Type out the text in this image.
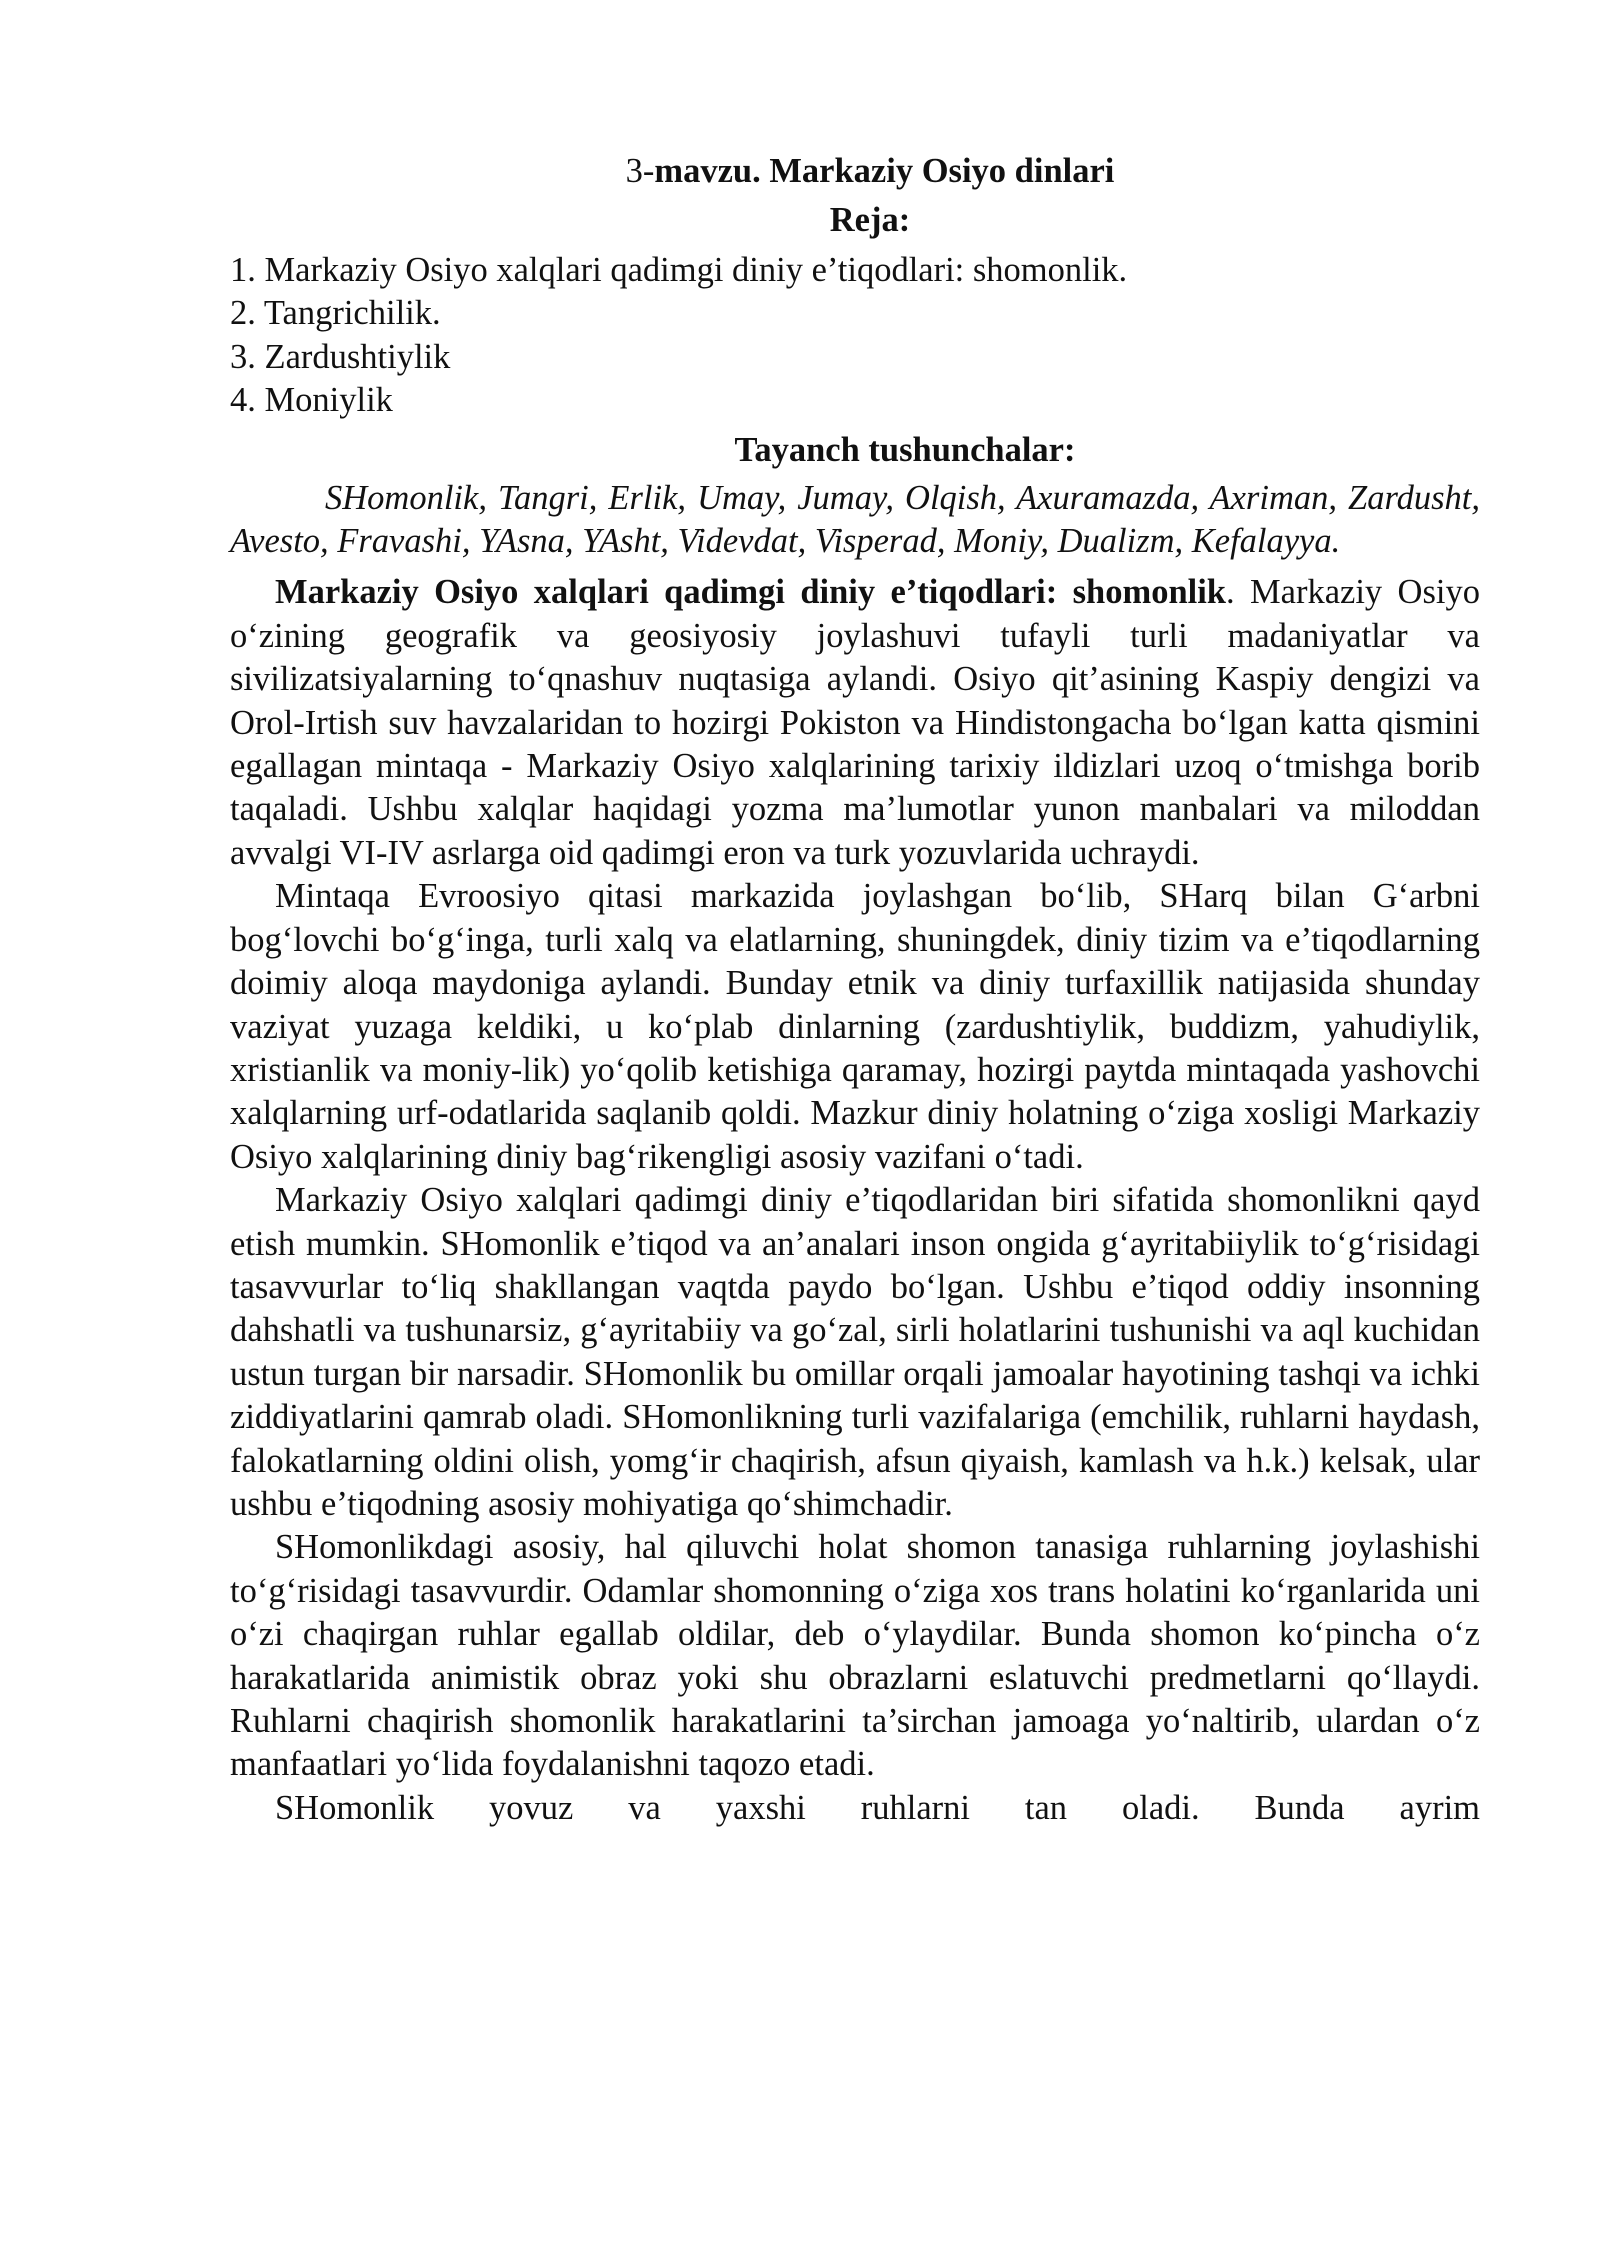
3-mavzu. Markaziy Osiyo dinlari
Reja:
1. Markaziy Osiyo xalqlari qadimgi diniy e’tiqodlari: shomonlik.
2. Tangrichilik.
3. Zardushtiylik
4. Moniylik
Tayanch tushunchalar:

SHomonlik, Tangri, Erlik, Umay, Jumay, Olqish, Axuramazda, Axriman, Zardusht, Avesto, Fravashi, YAsna, YAsht, Videvdat, Visperad, Moniy, Dualizm, Kefalayya.

Markaziy Osiyo xalqlari qadimgi diniy e’tiqodlari: shomonlik. Markaziy Osiyo o‘zining geografik va geosiyosiy joylashuvi tufayli turli madaniyatlar va sivilizatsiyalarning to‘qnashuv nuqtasiga aylandi. Osiyo qit’asining Kaspiy dengizi va Orol-Irtish suv havzalaridan to hozirgi Pokiston va Hindistongacha bo‘lgan katta qismini egallagan mintaqa - Markaziy Osiyo xalqlarining tarixiy ildizlari uzoq o‘tmishga borib taqaladi. Ushbu xalqlar haqidagi yozma ma’lumotlar yunon manbalari va miloddan avvalgi VI-IV asrlarga oid qadimgi eron va turk yozuvlarida uchraydi.

Mintaqa Evroosiyo qitasi markazida joylashgan bo‘lib, SHarq bilan G‘arbni bog‘lovchi bo‘g‘inga, turli xalq va elatlarning, shuningdek, diniy tizim va e’tiqodlarning doimiy aloqa maydoniga aylandi. Bunday etnik va diniy turfaxillik natijasida shunday vaziyat yuzaga keldiki, u ko‘plab dinlarning (zardushtiylik, buddizm, yahudiylik, xristianlik va moniy-lik) yo‘qolib ketishiga qaramay, hozirgi paytda mintaqada yashovchi xalqlarning urf-odatlarida saqlanib qoldi. Mazkur diniy holatning o‘ziga xosligi Markaziy Osiyo xalqlarining diniy bag‘rikengligi asosiy vazifani o‘tadi.

Markaziy Osiyo xalqlari qadimgi diniy e’tiqodlaridan biri sifatida shomonlikni qayd etish mumkin. SHomonlik e’tiqod va an’analari inson ongida g‘ayritabiiylik to‘g‘risidagi tasavvurlar to‘liq shakllangan vaqtda paydo bo‘lgan. Ushbu e’tiqod oddiy insonning dahshatli va tushunarsiz, g‘ayritabiiy va go‘zal, sirli holatlarini tushunishi va aql kuchidan ustun turgan bir narsadir. SHomonlik bu omillar orqali jamoalar hayotining tashqi va ichki ziddiyatlarini qamrab oladi. SHomonlikning turli vazifalariga (emchilik, ruhlarni haydash, falokatlarning oldini olish, yomg‘ir chaqirish, afsun qiyaish, kamlash va h.k.) kelsak, ular ushbu e’tiqodning asosiy mohiyatiga qo‘shimchadir.

SHomonlikdagi asosiy, hal qiluvchi holat shomon tanasiga ruhlarning joylashishi to‘g‘risidagi tasavvurdir. Odamlar shomonning o‘ziga xos trans holatini ko‘rganlarida uni o‘zi chaqirgan ruhlar egallab oldilar, deb o‘ylaydilar. Bunda shomon ko‘pincha o‘z harakatlarida animistik obraz yoki shu obrazlarni eslatuvchi predmetlarni qo‘llaydi. Ruhlarni chaqirish shomonlik harakatlarini ta’sirchan jamoaga yo‘naltirib, ulardan o‘z manfaatlari yo‘lida foydalanishni taqozo etadi.

SHomonlik yovuz va yaxshi ruhlarni tan oladi. Bunda ayrim
